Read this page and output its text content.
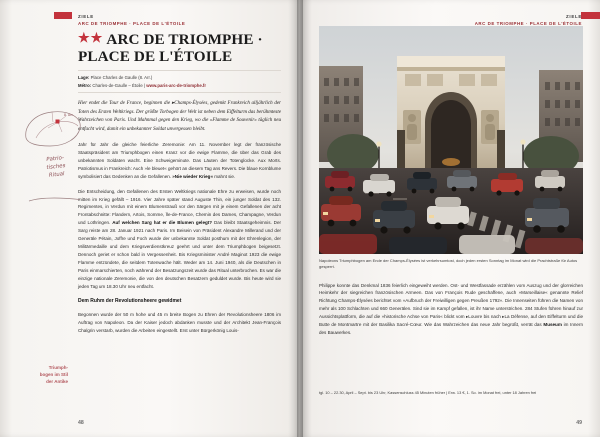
ZIELE
ARC DE TRIOMPHE · PLACE DE L'ÉTOILE
★★ ARC DE TRIOMPHE ·
PLACE DE L'ÉTOILE
Lage: Place Charles de Gaulle (8. Arr.)
Métro: Charles-de-Gaulle – Étoile | www.paris-arc-de-triomphe.fr

Hier endet die Tour de France, beginnen die ▸Champs-Élysées, gedenkt Frankreich alljährlich der Toten des Ersten Weltkriegs. Der größte Torbogen der Welt ist neben dem Eiffelturm das berühmteste Wahrzeichen von Paris. Und Mahnmal gegen den Krieg, wo die »Flamme de Souvenir« täglich neu entfacht wird, damit ein unbekannter Soldat unvergessen bleibt.

Jahr für Jahr die gleiche feierliche Zeremonie: Am 11. November legt der französische Staatspräsident am Triumphbogen einen Kranz vor die ewige Flamme, die über das Grab des unbekannten Soldaten wacht. Eine Schweigeminute. Das Läuten der Totenglocke. Aux Morts. Patriotismus in Frankreich: Auch »le bleuet« gehört an diesem Tag ans Revers. Die blaue Kornblume symbolisiert das Gedenken an die Gefallenen. »Nie wieder Krieg« mahnt sie.

Die Entscheidung, den Gefallenen des Ersten Weltkriegs nationale Ehre zu erweisen, wurde noch mitten im Krieg gefällt – 1916. Vier Jahre später stand Auguste Thin, ein junger Soldat des 132. Regimentes, in Verdun mit einem Blumenstrauß vor den Särgen mit je einem Gefallenen der acht Frontabschnitte: Flandern, Artois, Somme, Île-de-France, Chemin des Dames, Champagne, Verdun und Lothringen. Auf welchen Sarg hat er die Blumen gelegt? Das bleibt Staatsgeheimnis. Der Sarg reiste am 28. Januar 1921 nach Paris. Im Beisein von Präsident Alexandre Millerand und der Generäle Pétain, Joffre und Foch wurde der unbekannte Soldat posthum mit der Ehrenlegion, der Militärmedaille und dem Kriegsverdienstkreuz geehrt und unter dem Triumphbogen beigesetzt. Dennoch geriet er schon bald in Vergessenheit. Bis Kriegsminister André Maginot 1923 die ewige Flamme entzündete, die seitdem Totenwache hält. Weder am 14. Juni 1940, als die Deutschen in Paris einmarschierten, noch während der Besatzungszeit wurde das Ritual unterbrochen. Es war die einzige nationale Zeremonie, die von den deutschen Besatzern geduldet wurde. Bis heute wird sie jeden Tag um 18.30 Uhr neu entfacht.

Dem Ruhm der Revolutionsheere gewidmet

Begonnen wurde der 50 m hohe und 45 m breite Bogen zu Ehren der Revolutionsheere 1806 im Auftrag von Napoleon. Da der Kaiser jedoch abdanken musste und der Architekt Jean-François Chalgrin verstarb, wurden die Arbeiten eingestellt. Erst unter Bürgerkönig Louis-

8. Arr.
Patrio-
tisches
Ritual
Triumph-
bogen im Stil
der Antike
48
ZIELE
ARC DE TRIOMPHE · PLACE DE L'ÉTOILE
Napoleons Triumphbogen am Ende der Champs-Élysées ist verkehrsumtost, doch jeden ersten Sonntag im Monat wird die Prachtstraße für Autos gesperrt.

Philippe konnte das Denkmal 1836 feierlich eingeweiht werden. Ost- und Westfassade erzählen vom Auszug und der glorreichen Heimkehr der siegreichen französischen Armeen. Das von François Rude geschaffene, auch »Marseillaise« genannte Relief Richtung Champs-Élysées berichtet vom »Aufbruch der Freiwilligen gegen Preußen 1792«. Die Innenseiten führen die Namen von mehr als 100 Schlachten und 660 Generälen. Sind sie im Kampf gefallen, ist ihr Name unterstrichen. 284 Stufen führen hinauf zur Aussichtsplattform, die auf die »historische Achse von Paris« blickt vom ▸Louvre bis nach ▸La Défense, auf den Eiffelturm und die Butte de Montmartre mit der Basilika Sacré-Cœur. Wie das Wahrzeichen das neue Jahr begrüßt, verrät das Museum im Innern des Bauwerkes.

tgl. 10 – 22.30, April – Sept. bis 23 Uhr, Kassenschluss 45 Minuten früher | Erw. 13 €, 1. So. im Monat frei, unter 18 Jahren frei
49
